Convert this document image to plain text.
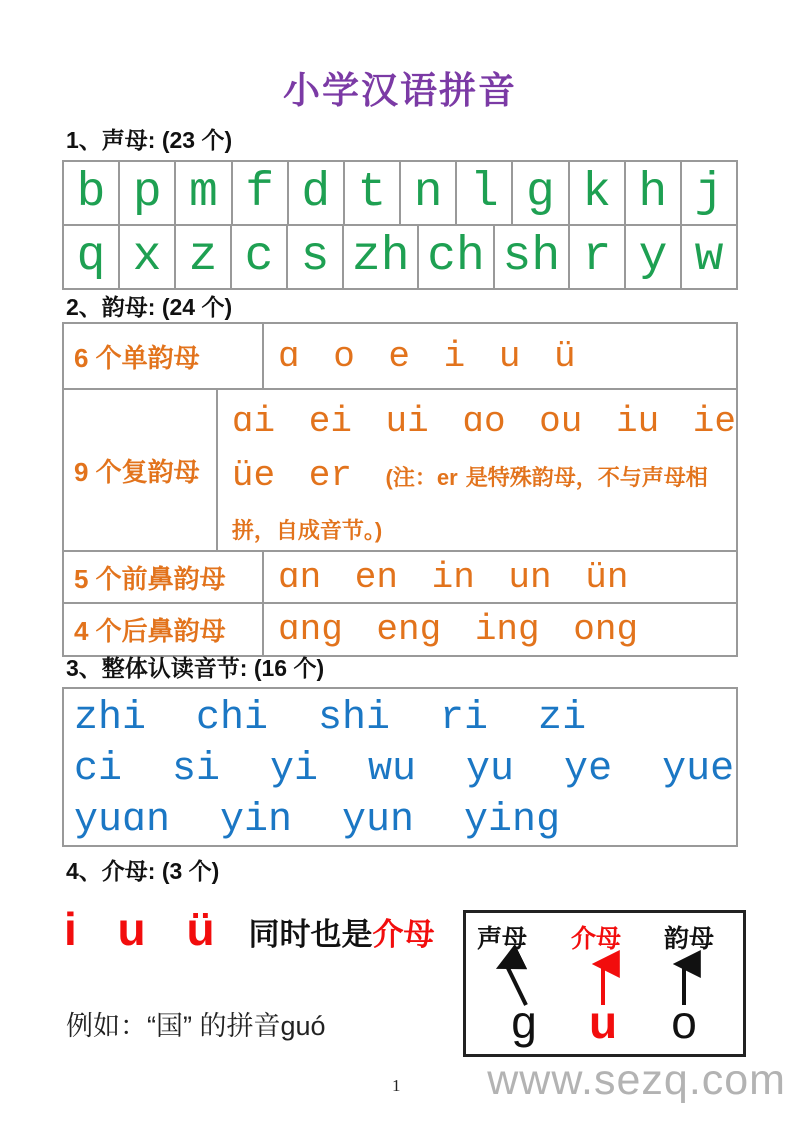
小学汉语拼音
1、声母: (23 个)
b p m f d t n l g k h j
q x z c s zh ch sh r y w
2、韵母: (24 个)
6 个单韵母	ɑ o e i u ü
9 个复韵母
ɑi ei ui ɑo ou iu ie
üe er (注：er 是特殊韵母，不与声母相拼，自成音节。)
5 个前鼻韵母	ɑn en in un ün
4 个后鼻韵母	ɑng eng ing ong
3、整体认读音节: (16 个)
zhi chi shi ri zi
ci si yi wu yu ye yue
yuɑn yin yun ying
4、介母: (3 个)
i u ü 同时也是 介母
例如：“国” 的拼音guó
声母 介母 韵母
g u o
1 www.sezq.com
